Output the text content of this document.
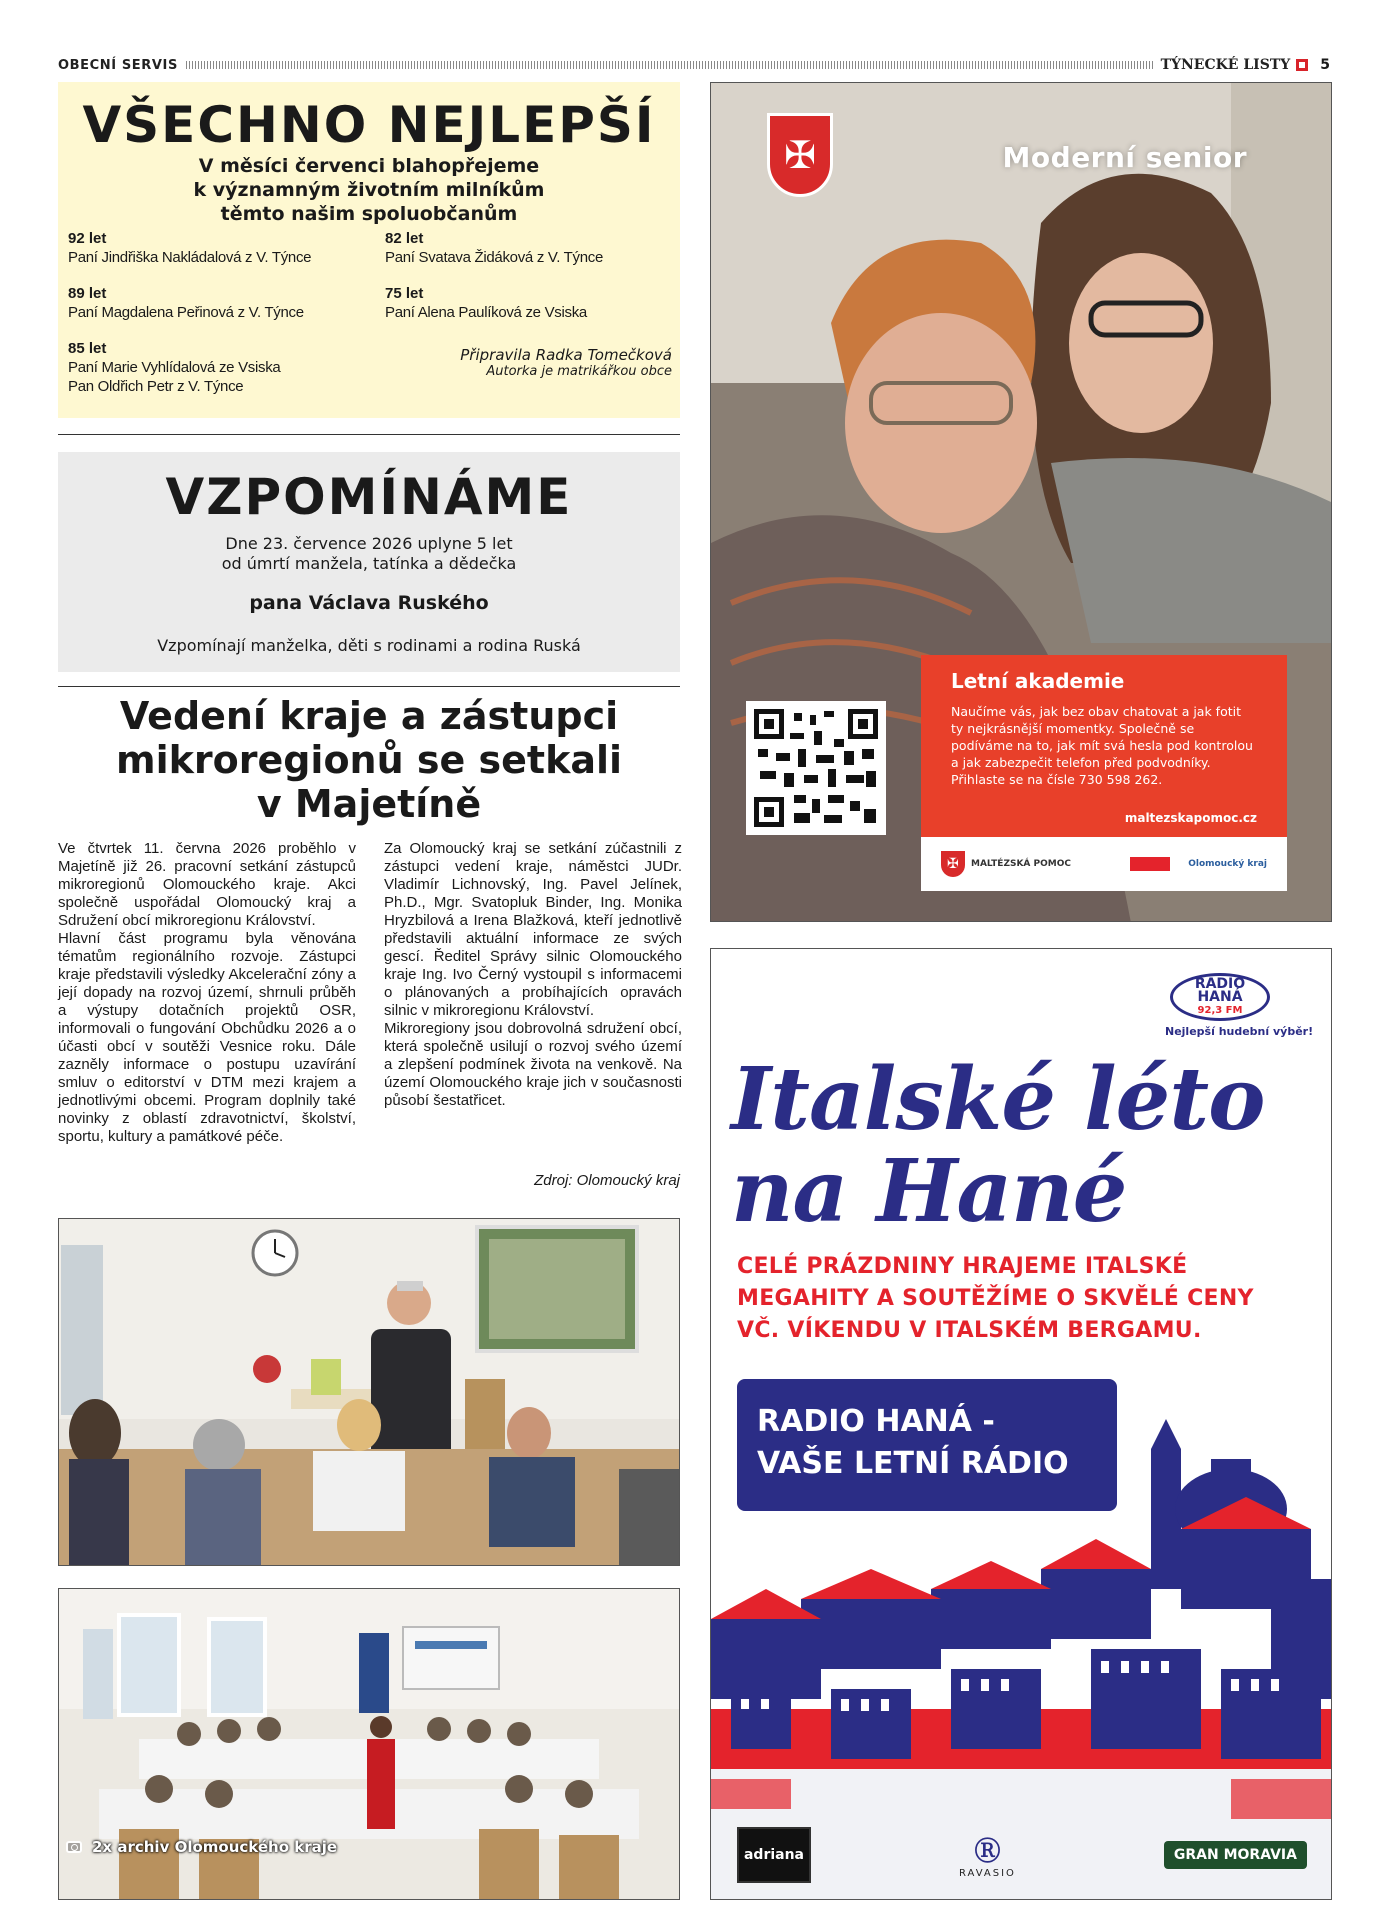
OBECNÍ SERVIS	TÝNECKÉ LISTY 5
VŠECHNO NEJLEPŠÍ
V měsíci červenci blahopřejeme
k významným životním milníkům
těmto našim spoluobčanům
92 let
Paní Jindřiška Nakládalová z V. Týnce
89 let
Paní Magdalena Peřinová z V. Týnce
85 let
Paní Marie Vyhlídalová ze Vsiska
Pan Oldřich Petr z V. Týnce
82 let
Paní Svatava Židáková z V. Týnce
75 let
Paní Alena Paulíková ze Vsiska
Připravila Radka Tomečková
Autorka je matrikářkou obce
VZPOMÍNÁME
Dne 23. července 2026 uplyne 5 let
od úmrtí manžela, tatínka a dědečka
pana Václava Ruského
Vzpomínají manželka, děti s rodinami a rodina Ruská
Vedení kraje a zástupci
mikroregionů se setkali
v Majetíně

Ve čtvrtek 11. června 2026 proběhlo v Majetíně již 26. pracovní setkání zástupců mikroregionů Olomouckého kraje. Akci společně uspořádal Olomoucký kraj a Sdružení obcí mikroregionu Království.

Hlavní část programu byla věnována tématům regionálního rozvoje. Zástupci kraje představili výsledky Akcelerační zóny a její dopady na rozvoj území, shrnuli průběh a výstupy dotačních projektů OSR, informovali o fungování Obchůdku 2026 a o účasti obcí v soutěži Vesnice roku. Dále zazněly informace o postupu uzavírání smluv o editorství v DTM mezi krajem a jednotlivými obcemi. Program doplnily také novinky z oblastí zdravotnictví, školství, sportu, kultury a památkové péče.

Za Olomoucký kraj se setkání zúčastnili z zástupci vedení kraje, náměstci JUDr. Vladimír Lichnovský, Ing. Pavel Jelínek, Ph.D., Mgr. Svatopluk Binder, Ing. Monika Hryzbilová a Irena Blažková, kteří jednotlivě představili aktuální informace ze svých gescí. Ředitel Správy silnic Olomouckého kraje Ing. Ivo Černý vystoupil s informacemi o plánovaných a probíhajících opravách silnic v mikroregionu Království.

Mikroregiony jsou dobrovolná sdružení obcí, která společně usilují o rozvoj svého území a zlepšení podmínek života na venkově. Na území Olomouckého kraje jich v současnosti působí šestatřicet.

Zdroj: Olomoucký kraj
2x archiv Olomouckého kraje
✠	Moderní senior
Letní akademie
Naučíme vás, jak bez obav chatovat a jak fotit ty nejkrásnější momentky. Společně se podíváme na to, jak mít svá hesla pod kontrolou a jak zabezpečit telefon před podvodníky.
Přihlaste se na čísle 730 598 262.
maltezskapomoc.cz
✠	MALTÉZSKÁ POMOC	Olomoucký kraj
RADIO
HANÁ
92,3 FM
Nejlepší hudební výběr!
Italské léto
na Hané
CELÉ PRÁZDNINY HRAJEME ITALSKÉ
MEGAHITY A SOUTĚŽÍME O SKVĚLÉ CENY
VČ. VÍKENDU V ITALSKÉM BERGAMU.
RADIO HANÁ -
VAŠE LETNÍ RÁDIO
adriana	Ⓡ
RAVASIO
GRAN MORAVIA
